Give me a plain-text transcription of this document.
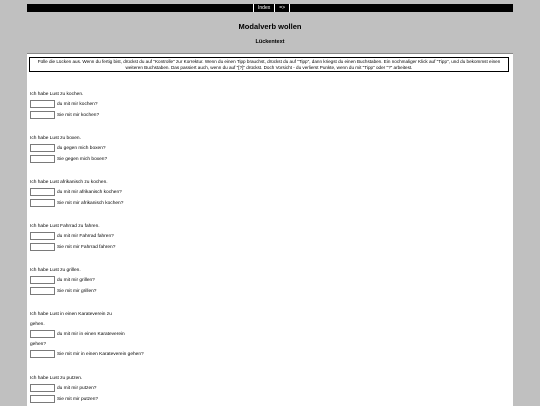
Index	=>
Modalverb wollen
Lückentext
Fülle die Lücken aus. Wenn du fertig bist, drückst du auf "Kontrolle" zur Korrektur. Wenn du einen Tipp brauchst, drückst du auf "Tipp", dann kriegst du einen Buchstaben. Ein nochmaliger Klick auf "Tipp", und du bekommst einen weiteren Buchstaben. Das passiert auch, wenn du auf "[?]" drückst. Doch Vorsicht - du verlierst Punkte, wenn du mit "Tipp" oder "?" arbeitest.
Ich habe Lust zu kochen.
du mit mir kochen?
Sie mit mir kochen?
Ich habe Lust zu boxen.
du gegen mich boxen?
Sie gegen mich boxen?
Ich habe Lust afrikanisch zu kochen.
du mit mir afrikanisch kochen?
Sie mit mir afrikanisch kochen?
Ich habe Lust Fahrrad zu fahren.
du mit mir Fahrrad fahren?
Sie mit mir Fahrrad fahren?
Ich habe Lust zu grillen.
du mit mir grillen?
Sie mit mir grillen?
Ich habe Lust in einen Karateverein zu
gehen.
du mit mir in einen Karateverein
gehen?
Sie mit mir in einen Karateverein gehen?
Ich habe Lust zu putzen.
du mit mir putzen?
Sie mit mir putzen?
